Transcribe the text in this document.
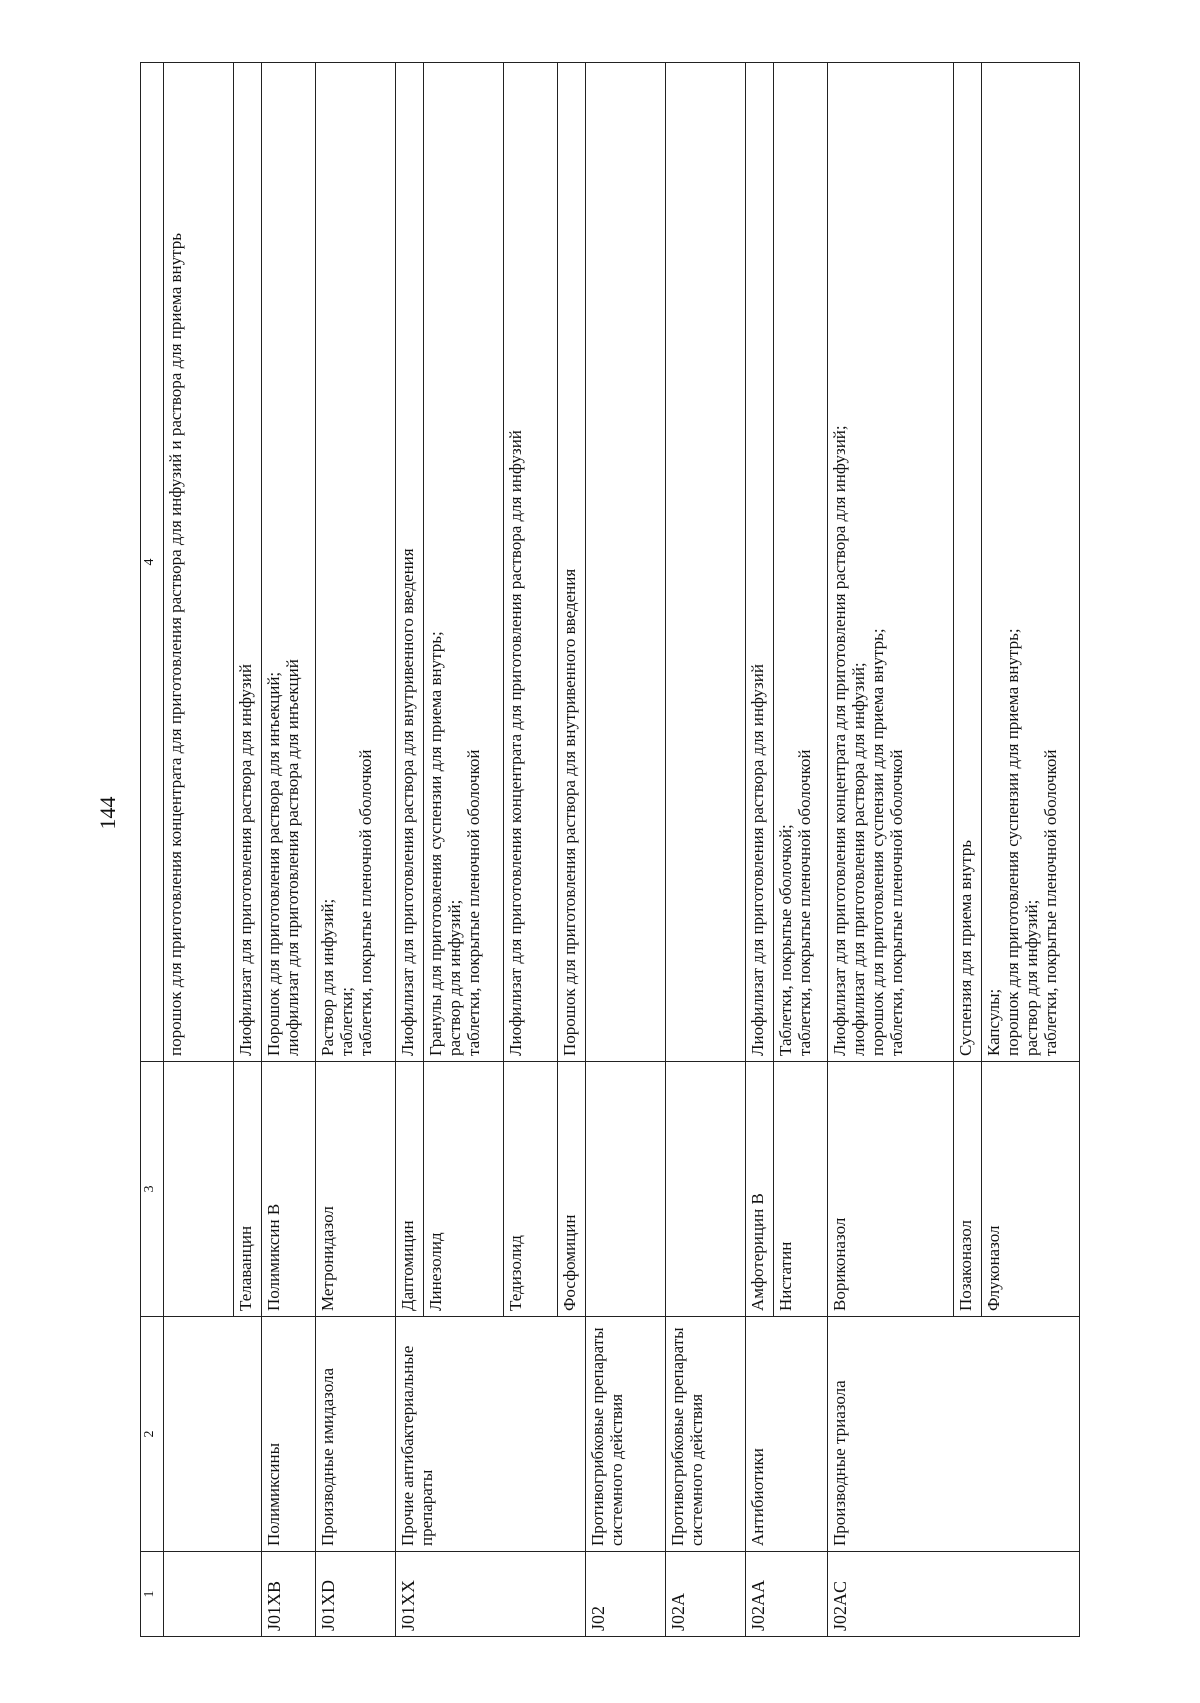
144
1	2	3	4

			порошок для приготовления концентрата для приготовления раствора для инфузий и раствора для приема внутрь

		Телаванцин	Лиофилизат для приготовления раствора для инфузий

J01XB	Полимиксины	Полимиксин В	Порошок для приготовления раствора для инъекций; лиофилизат для приготовления раствора для инъекций

J01XD	Производные имидазола	Метронидазол	Раствор для инфузий; таблетки; таблетки, покрытые пленочной оболочкой

J01XX	Прочие антибактериальные препараты	Даптомицин	Лиофилизат для приготовления раствора для внутривенного введения

		Линезолид	Гранулы для приготовления суспензии для приема внутрь; раствор для инфузий; таблетки, покрытые пленочной оболочкой

		Тедизолид	Лиофилизат для приготовления концентрата для приготовления раствора для инфузий

		Фосфомицин	Порошок для приготовления раствора для внутривенного введения

J02	Противогрибковые препараты системного действия		
J02A	Противогрибковые препараты системного действия		
J02AA	Антибиотики	Амфотерицин В	Лиофилизат для приготовления раствора для инфузий

		Нистатин	Таблетки, покрытые оболочкой; таблетки, покрытые пленочной оболочкой

J02AC	Производные триазола	Вориконазол	Лиофилизат для приготовления концентрата для приготовления раствора для инфузий; лиофилизат для приготовления раствора для инфузий; порошок для приготовления суспензии для приема внутрь; таблетки, покрытые пленочной оболочкой

		Позаконазол	Суспензия для приема внутрь

		Флуконазол	Капсулы; порошок для приготовления суспензии для приема внутрь; раствор для инфузий; таблетки, покрытые пленочной оболочкой
